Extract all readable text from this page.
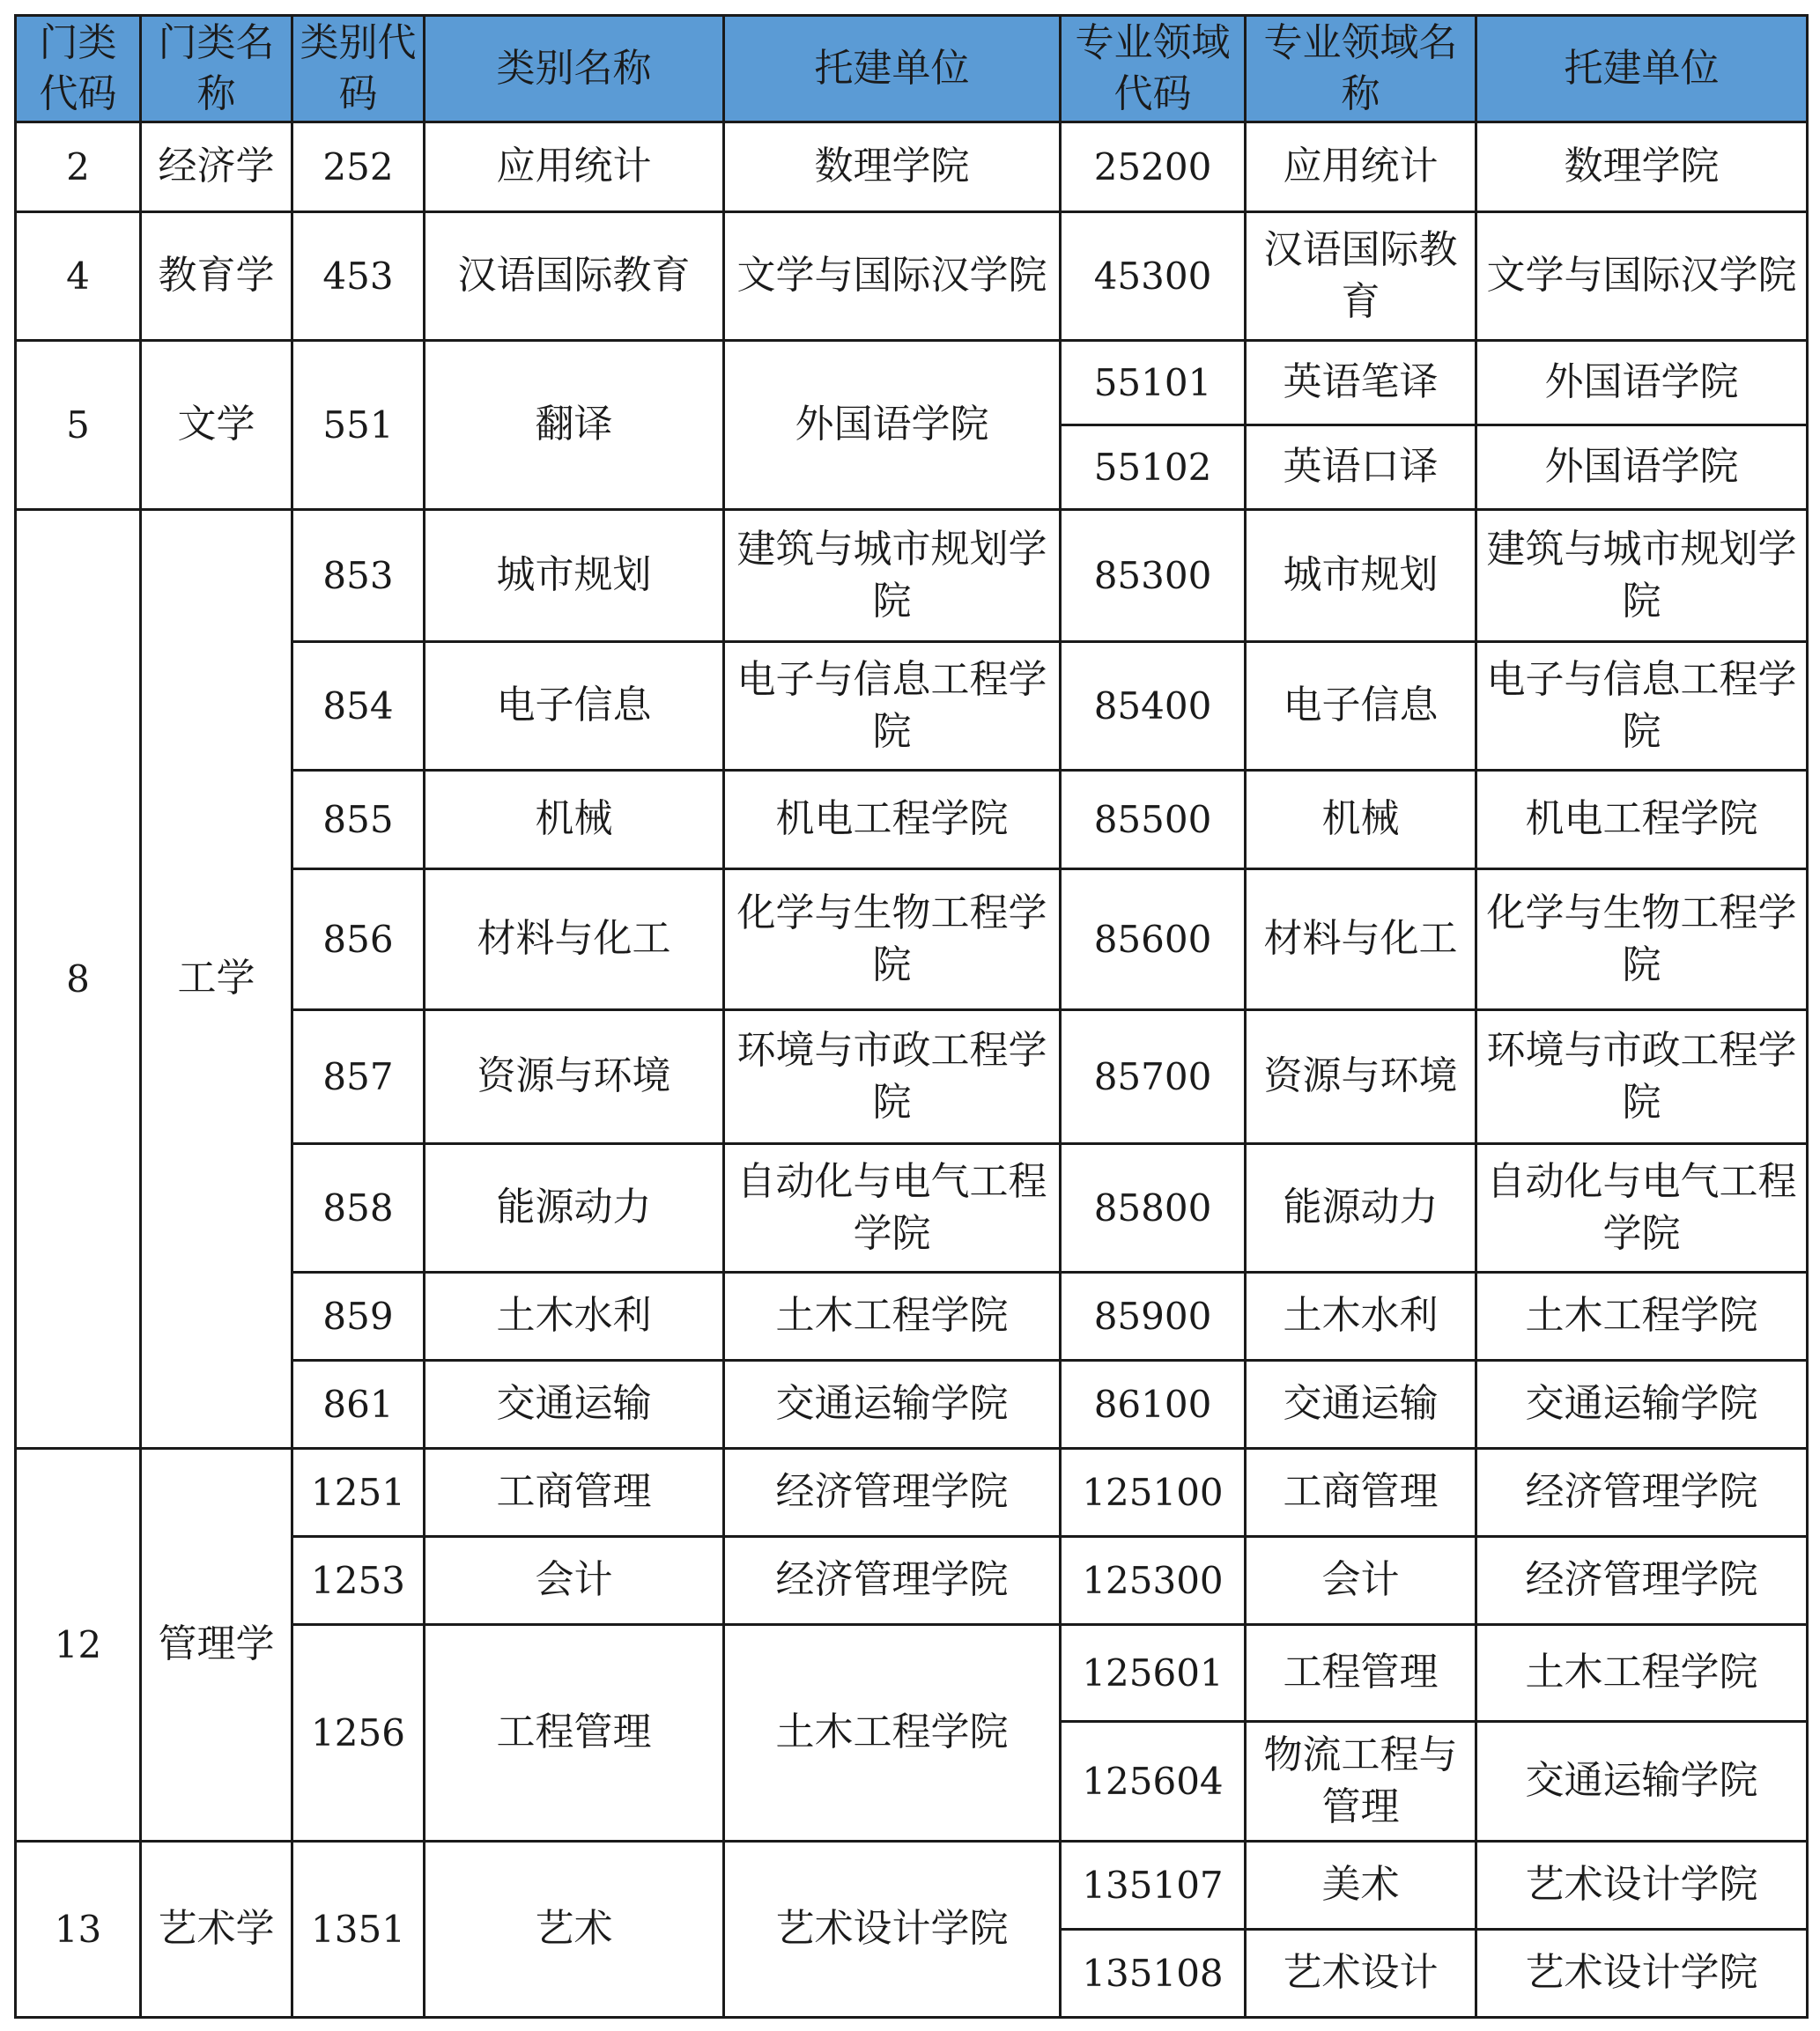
门类代码	门类名称	类别代码	类别名称	托建单位	专业领域代码	专业领域名称	托建单位
2	经济学	252	应用统计	数理学院	25200	应用统计	数理学院
4	教育学	453	汉语国际教育	文学与国际汉学院	45300	汉语国际教育	文学与国际汉学院
5	文学	551	翻译	外国语学院	55101	英语笔译	外国语学院
					55102	英语口译	外国语学院
8	工学	853	城市规划	建筑与城市规划学院	85300	城市规划	建筑与城市规划学院
		854	电子信息	电子与信息工程学院	85400	电子信息	电子与信息工程学院
		855	机械	机电工程学院	85500	机械	机电工程学院
		856	材料与化工	化学与生物工程学院	85600	材料与化工	化学与生物工程学院
		857	资源与环境	环境与市政工程学院	85700	资源与环境	环境与市政工程学院
		858	能源动力	自动化与电气工程学院	85800	能源动力	自动化与电气工程学院
		859	土木水利	土木工程学院	85900	土木水利	土木工程学院
		861	交通运输	交通运输学院	86100	交通运输	交通运输学院
12	管理学	1251	工商管理	经济管理学院	125100	工商管理	经济管理学院
		1253	会计	经济管理学院	125300	会计	经济管理学院
		1256	工程管理	土木工程学院	125601	工程管理	土木工程学院
					125604	物流工程与管理	交通运输学院
13	艺术学	1351	艺术	艺术设计学院	135107	美术	艺术设计学院
					135108	艺术设计	艺术设计学院
